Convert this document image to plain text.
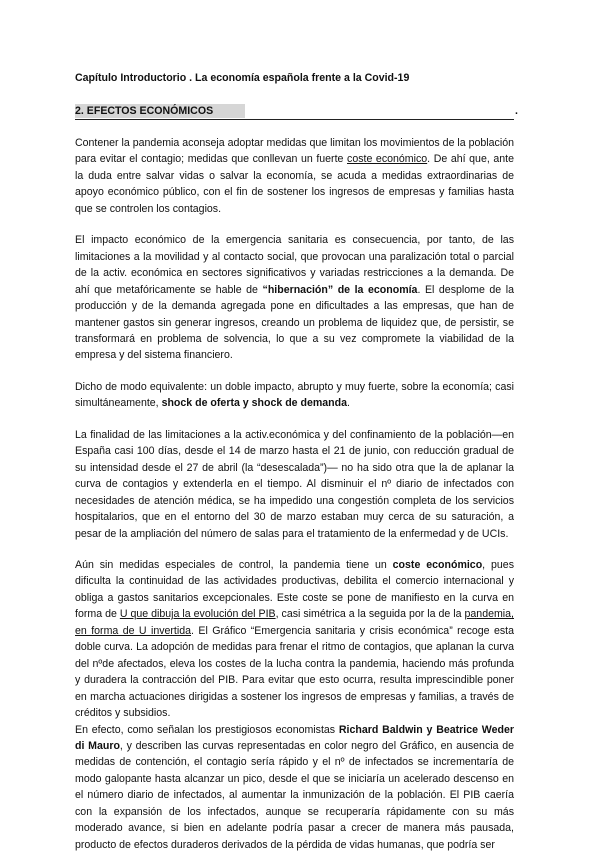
Capítulo Introductorio . La economía española frente a la Covid-19
2. EFECTOS ECONÓMICOS	.

Contener la pandemia aconseja adoptar medidas que limitan los movimientos de la población para evitar el contagio; medidas que conllevan un fuerte coste económico. De ahí que, ante la duda entre salvar vidas o salvar la economía, se acuda a medidas extraordinarias de apoyo económico público, con el fin de sostener los ingresos de empresas y familias hasta que se controlen los contagios.

El impacto económico de la emergencia sanitaria es consecuencia, por tanto, de las limitaciones a la movilidad y al contacto social, que provocan una paralización total o parcial de la activ. económica en sectores significativos y variadas restricciones a la demanda. De ahí que metafóricamente se hable de “hibernación” de la economía. El desplome de la producción y de la demanda agregada pone en dificultades a las empresas, que han de mantener gastos sin generar ingresos, creando un problema de liquidez que, de persistir, se transformará en problema de solvencia, lo que a su vez compromete la viabilidad de la empresa y del sistema financiero.

Dicho de modo equivalente: un doble impacto, abrupto y muy fuerte, sobre la economía; casi simultáneamente, shock de oferta y shock de demanda.

La finalidad de las limitaciones a la activ.económica y del confinamiento de la población—en España casi 100 días, desde el 14 de marzo hasta el 21 de junio, con reducción gradual de su intensidad desde el 27 de abril (la “desescalada”)— no ha sido otra que la de aplanar la curva de contagios y extenderla en el tiempo. Al disminuir el nº diario de infectados con necesidades de atención médica, se ha impedido una congestión completa de los servicios hospitalarios, que en el entorno del 30 de marzo estaban muy cerca de su saturación, a pesar de la ampliación del número de salas para el tratamiento de la enfermedad y de UCIs.

Aún sin medidas especiales de control, la pandemia tiene un coste económico, pues dificulta la continuidad de las actividades productivas, debilita el comercio internacional y obliga a gastos sanitarios excepcionales. Este coste se pone de manifiesto en la curva en forma de U que dibuja la evolución del PIB, casi simétrica a la seguida por la de la pandemia, en forma de U invertida. El Gráfico “Emergencia sanitaria y crisis económica” recoge esta doble curva. La adopción de medidas para frenar el ritmo de contagios, que aplanan la curva del nºde afectados, eleva los costes de la lucha contra la pandemia, haciendo más profunda y duradera la contracción del PIB. Para evitar que esto ocurra, resulta imprescindible poner en marcha actuaciones dirigidas a sostener los ingresos de empresas y familias, a través de créditos y subsidios.

En efecto, como señalan los prestigiosos economistas Richard Baldwin y Beatrice Weder di Mauro, y describen las curvas representadas en color negro del Gráfico, en ausencia de medidas de contención, el contagio sería rápido y el nº de infectados se incrementaría de modo galopante hasta alcanzar un pico, desde el que se iniciaría un acelerado descenso en el número diario de infectados, al aumentar la inmunización de la población. El PIB caería con la expansión de los infectados, aunque se recuperaría rápidamente con su más moderado avance, si bien en adelante podría pasar a crecer de manera más pausada, producto de efectos duraderos derivados de la pérdida de vidas humanas, que podría ser
